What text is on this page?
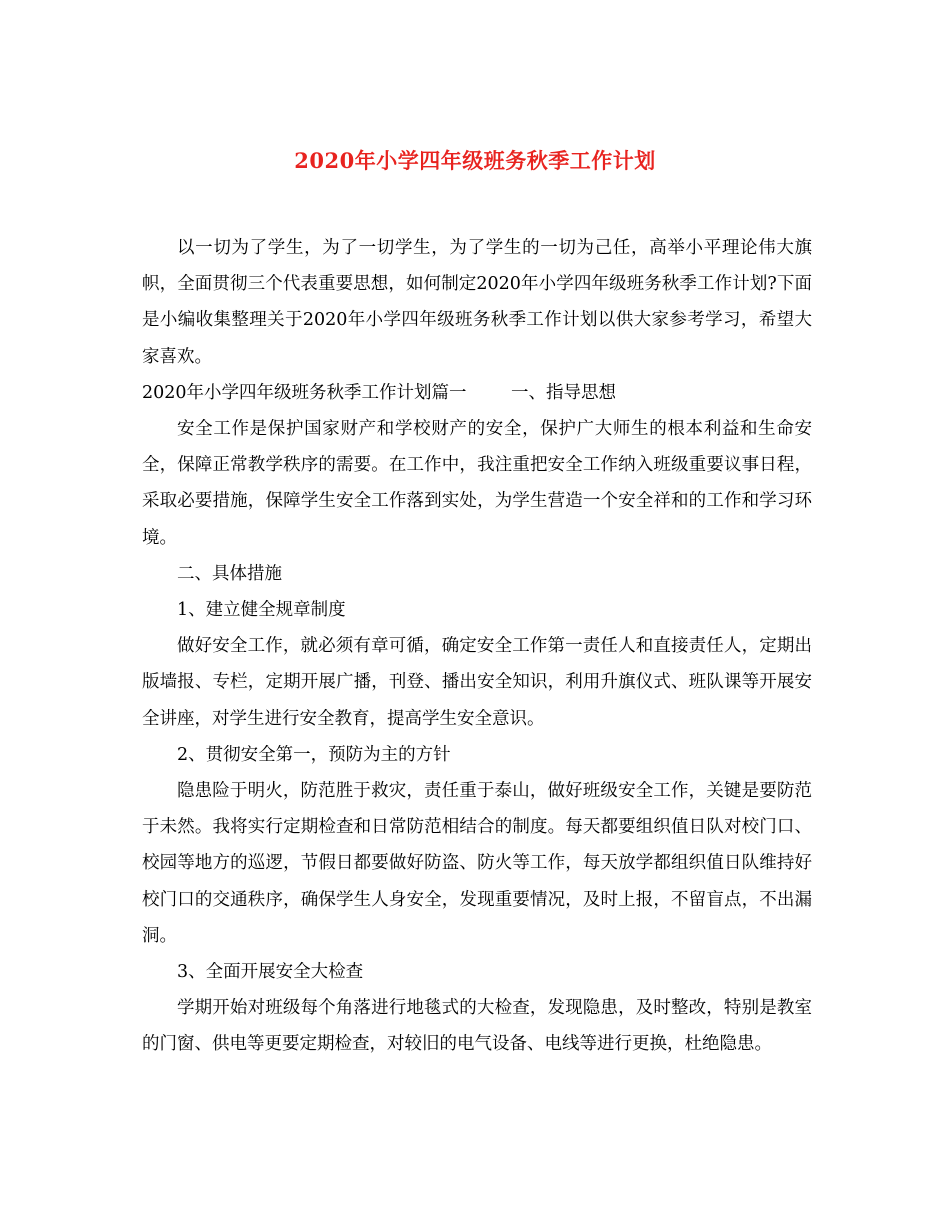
2020年小学四年级班务秋季工作计划

以一切为了学生，为了一切学生，为了学生的一切为己任，高举小平理论伟大旗帜，全面贯彻三个代表重要思想，如何制定2020年小学四年级班务秋季工作计划?下面是小编收集整理关于2020年小学四年级班务秋季工作计划以供大家参考学习，希望大家喜欢。

2020年小学四年级班务秋季工作计划篇一        一、指导思想

安全工作是保护国家财产和学校财产的安全，保护广大师生的根本利益和生命安全，保障正常教学秩序的需要。在工作中，我注重把安全工作纳入班级重要议事日程，采取必要措施，保障学生安全工作落到实处，为学生营造一个安全祥和的工作和学习环境。

二、具体措施

1、建立健全规章制度

做好安全工作，就必须有章可循，确定安全工作第一责任人和直接责任人，定期出版墙报、专栏，定期开展广播，刊登、播出安全知识，利用升旗仪式、班队课等开展安全讲座，对学生进行安全教育，提高学生安全意识。

2、贯彻安全第一，预防为主的方针

隐患险于明火，防范胜于救灾，责任重于泰山，做好班级安全工作，关键是要防范于未然。我将实行定期检查和日常防范相结合的制度。每天都要组织值日队对校门口、校园等地方的巡逻，节假日都要做好防盗、防火等工作，每天放学都组织值日队维持好校门口的交通秩序，确保学生人身安全，发现重要情况，及时上报，不留盲点，不出漏洞。

3、全面开展安全大检查

学期开始对班级每个角落进行地毯式的大检查，发现隐患，及时整改，特别是教室的门窗、供电等更要定期检查，对较旧的电气设备、电线等进行更换，杜绝隐患。
